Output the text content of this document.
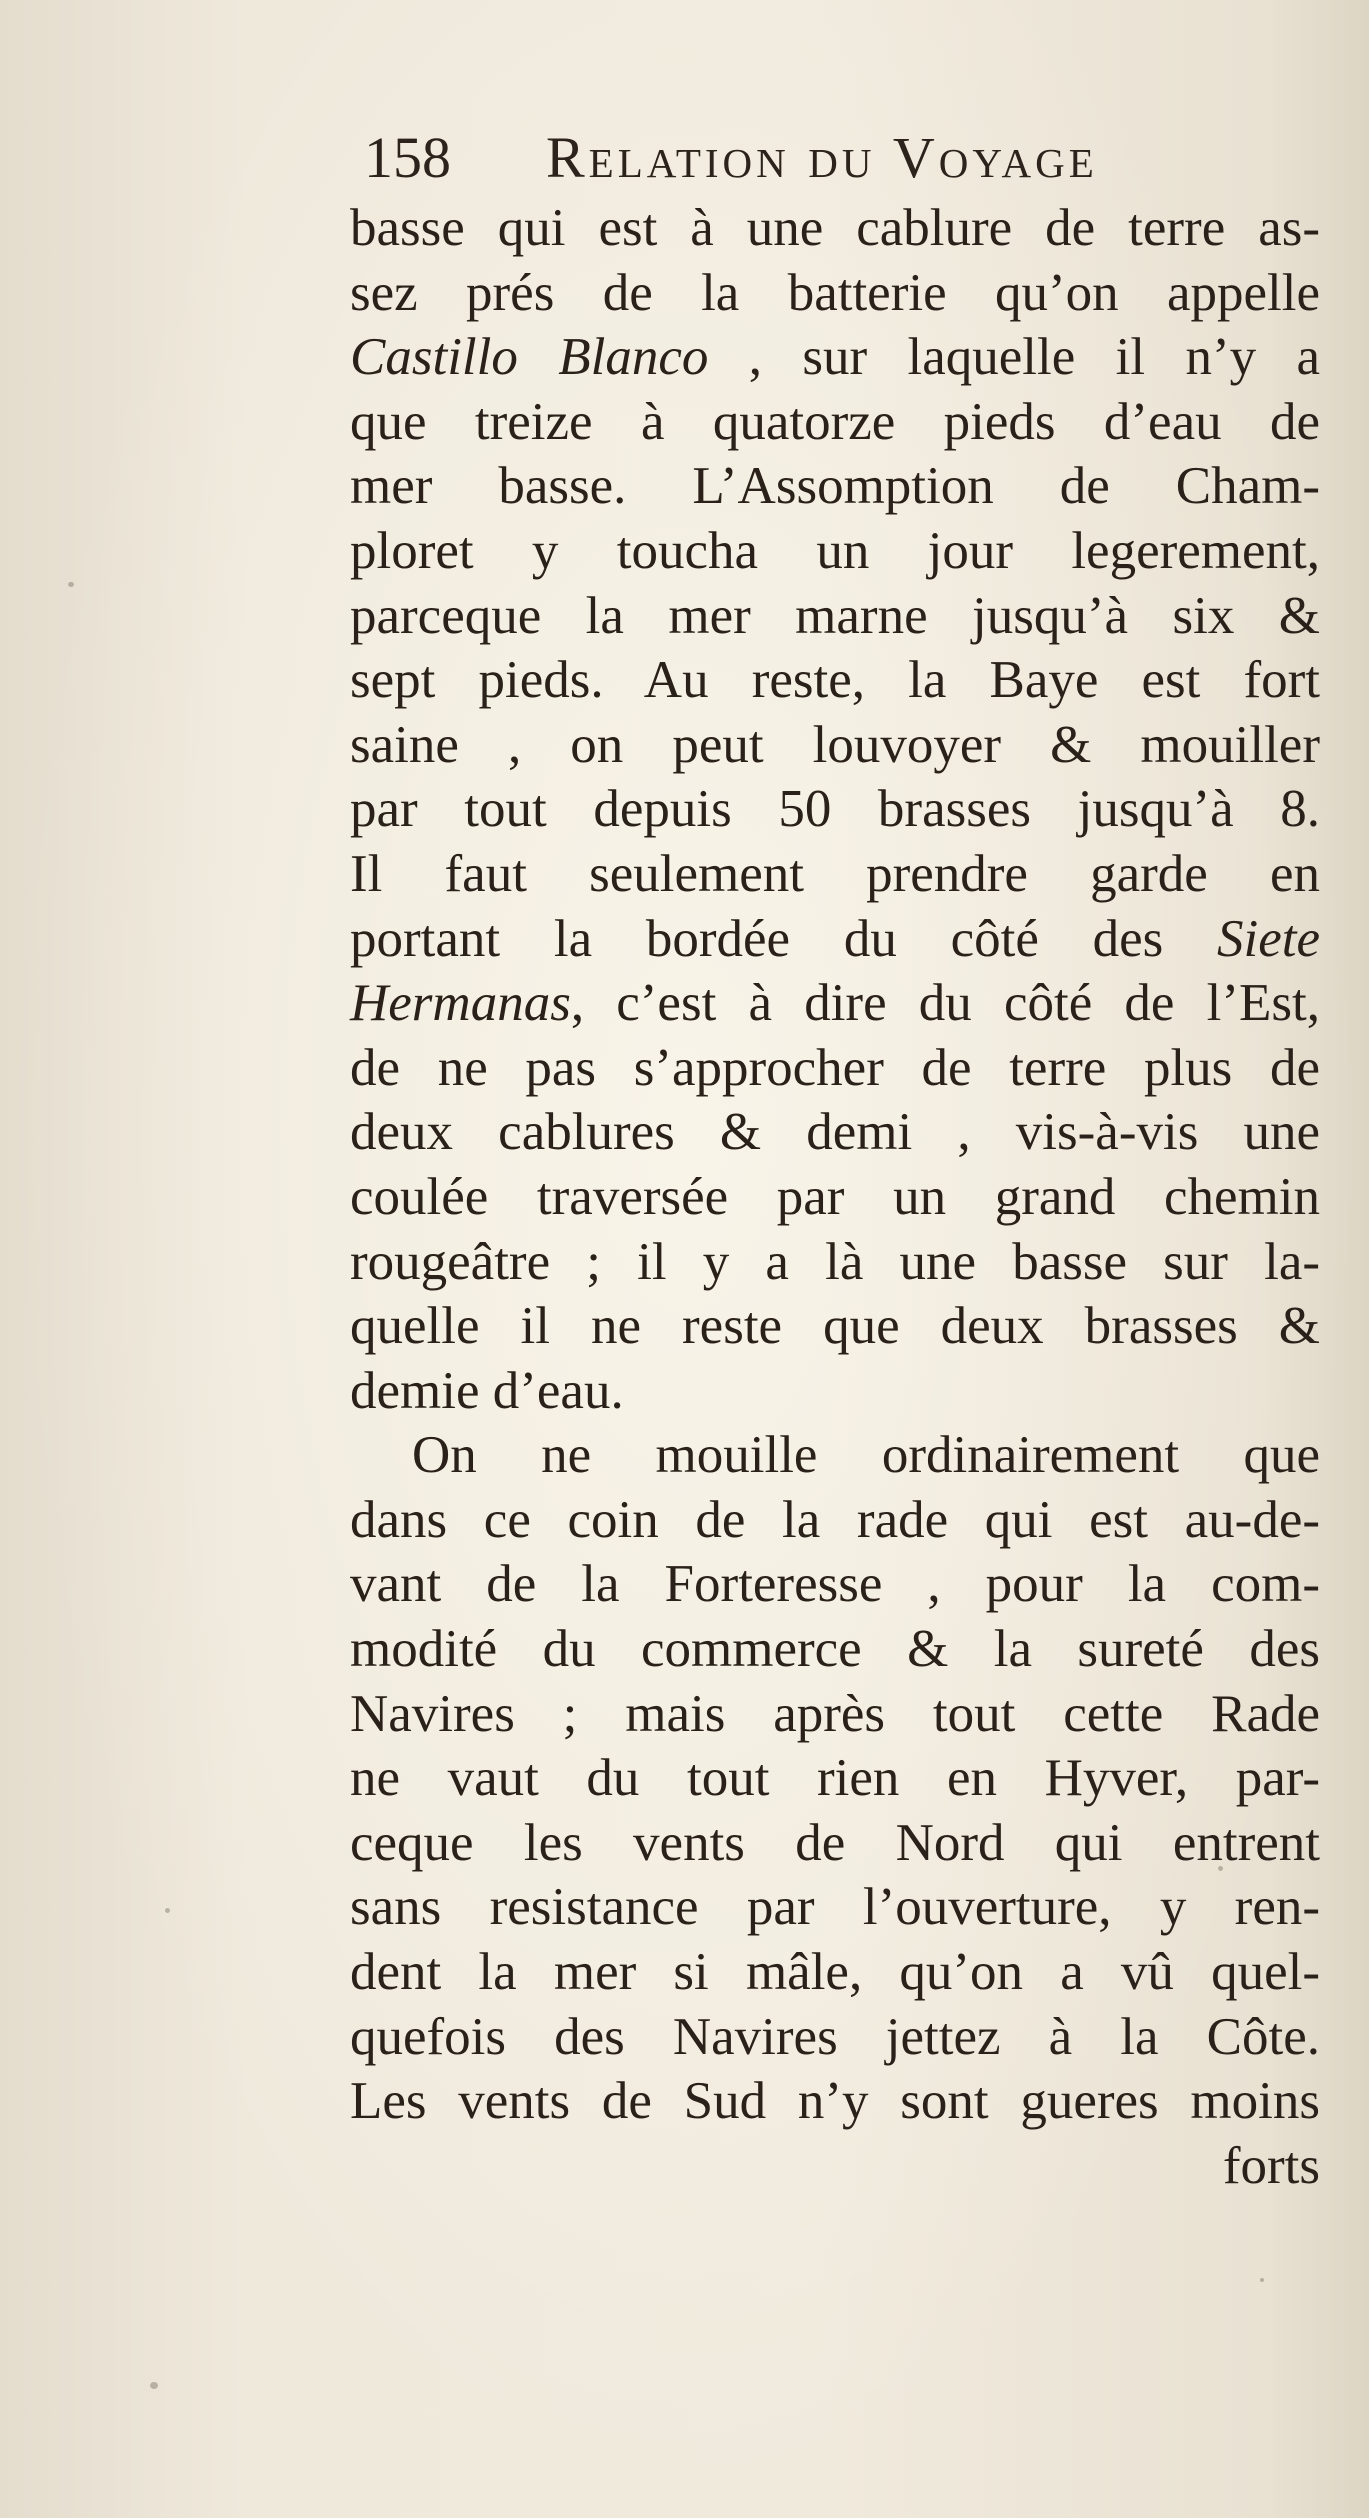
158 Relation du Voyage
basse qui est à une cablure de terre as-
sez prés de la batterie qu’on appelle
Castillo Blanco , sur laquelle il n’y a
que treize à quatorze pieds d’eau de
mer basse. L’Assomption de Cham-
ploret y toucha un jour legerement,
parceque la mer marne jusqu’à six &
sept pieds. Au reste, la Baye est fort
saine , on peut louvoyer & mouiller
par tout depuis 50 brasses jusqu’à 8.
Il faut seulement prendre garde en
portant la bordée du côté des Siete
Hermanas, c’est à dire du côté de l’Est,
de ne pas s’approcher de terre plus de
deux cablures & demi , vis-à-vis une
coulée traversée par un grand chemin
rougeâtre ; il y a là une basse sur la-
quelle il ne reste que deux brasses &
demie d’eau.
On ne mouille ordinairement que
dans ce coin de la rade qui est au-de-
vant de la Forteresse , pour la com-
modité du commerce & la sureté des
Navires ; mais après tout cette Rade
ne vaut du tout rien en Hyver, par-
ceque les vents de Nord qui entrent
sans resistance par l’ouverture, y ren-
dent la mer si mâle, qu’on a vû quel-
quefois des Navires jettez à la Côte.
Les vents de Sud n’y sont gueres moins
forts
